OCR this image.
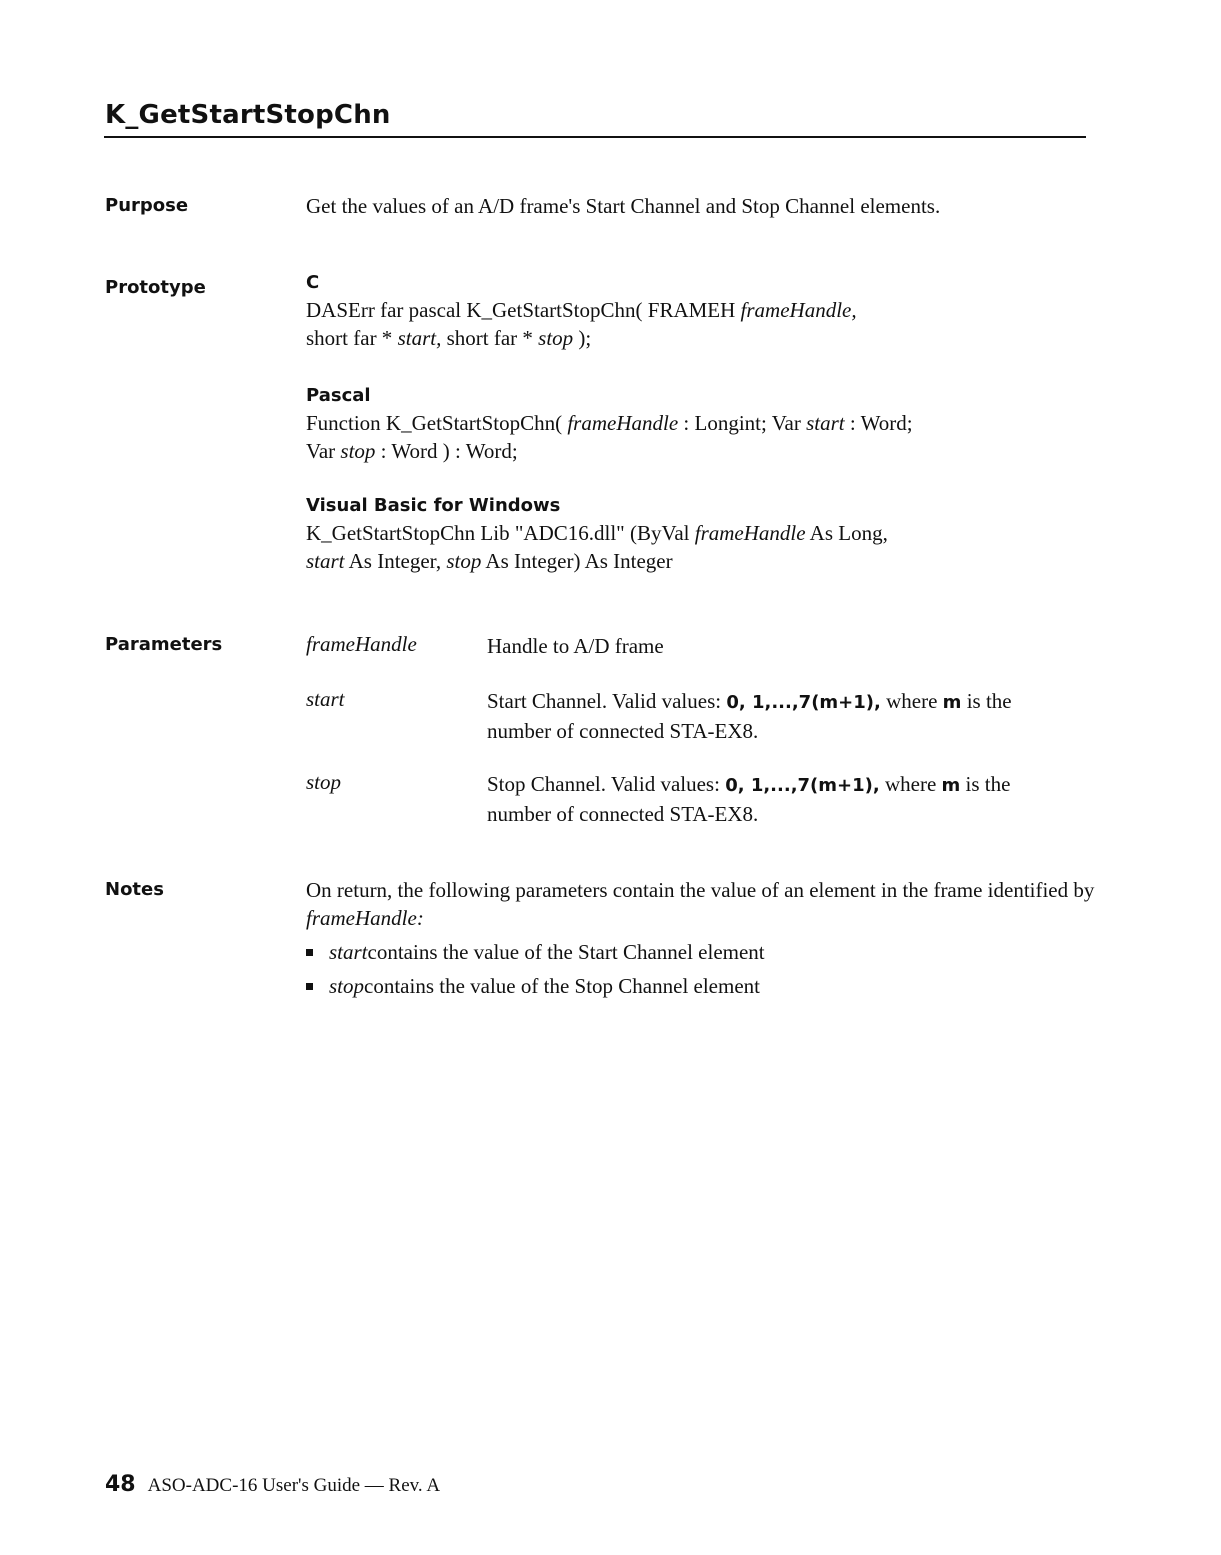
K_GetStartStopChn
Purpose	Get the values of an A/D frame's Start Channel and Stop Channel elements.
Prototype	C
DASErr far pascal K_GetStartStopChn( FRAMEH frameHandle,
short far * start, short far * stop );
Pascal
Function K_GetStartStopChn( frameHandle : Longint; Var start : Word;
Var stop : Word ) : Word;
Visual Basic for Windows
K_GetStartStopChn Lib "ADC16.dll" (ByVal frameHandle As Long,
start As Integer, stop As Integer) As Integer
Parameters	frameHandle	Handle to A/D frame
start	Start Channel. Valid values: 0, 1,...,7(m+1), where m is the number of connected STA-EX8.
stop	Stop Channel. Valid values: 0, 1,...,7(m+1), where m is the number of connected STA-EX8.
Notes	On return, the following parameters contain the value of an element in the frame identified by frameHandle:
start contains the value of the Start Channel element
stop contains the value of the Stop Channel element
48 ASO-ADC-16 User's Guide — Rev. A
